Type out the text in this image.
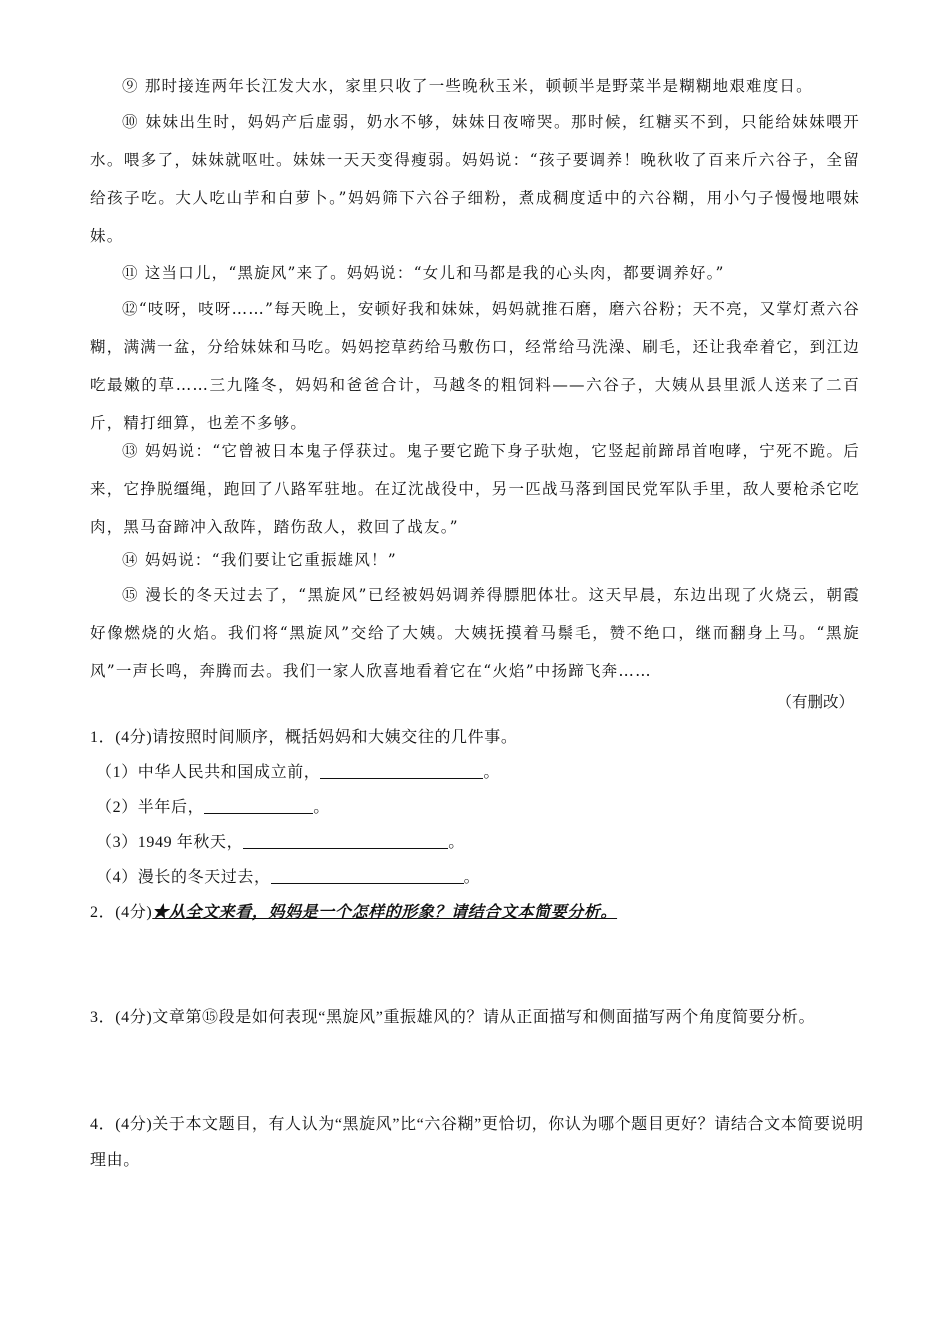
⑨ 那时接连两年长江发大水，家里只收了一些晚秋玉米，顿顿半是野菜半是糊糊地艰难度日。

⑩ 妹妹出生时，妈妈产后虚弱，奶水不够，妹妹日夜啼哭。那时候，红糖买不到，只能给妹妹喂开水。喂多了，妹妹就呕吐。妹妹一天天变得瘦弱。妈妈说：“孩子要调养！晚秋收了百来斤六谷子，全留给孩子吃。大人吃山芋和白萝卜。”妈妈筛下六谷子细粉，煮成稠度适中的六谷糊，用小勺子慢慢地喂妹妹。

⑪ 这当口儿，“黑旋风”来了。妈妈说：“女儿和马都是我的心头肉，都要调养好。”

⑫“吱呀，吱呀……”每天晚上，安顿好我和妹妹，妈妈就推石磨，磨六谷粉；天不亮，又掌灯煮六谷糊，满满一盆，分给妹妹和马吃。妈妈挖草药给马敷伤口，经常给马洗澡、刷毛，还让我牵着它，到江边吃最嫩的草……三九隆冬，妈妈和爸爸合计，马越冬的粗饲料——六谷子，大姨从县里派人送来了二百斤，精打细算，也差不多够。

⑬ 妈妈说：“它曾被日本鬼子俘获过。鬼子要它跪下身子驮炮，它竖起前蹄昂首咆哮，宁死不跪。后来，它挣脱缰绳，跑回了八路军驻地。在辽沈战役中，另一匹战马落到国民党军队手里，敌人要枪杀它吃肉，黑马奋蹄冲入敌阵，踏伤敌人，救回了战友。”

⑭ 妈妈说：“我们要让它重振雄风！”

⑮ 漫长的冬天过去了，“黑旋风”已经被妈妈调养得膘肥体壮。这天早晨，东边出现了火烧云，朝霞好像燃烧的火焰。我们将“黑旋风”交给了大姨。大姨抚摸着马鬃毛，赞不绝口，继而翻身上马。“黑旋风”一声长鸣，奔腾而去。我们一家人欣喜地看着它在“火焰”中扬蹄飞奔……

（有删改）

1．(4分)请按照时间顺序，概括妈妈和大姨交往的几件事。

（1）中华人民共和国成立前，	。

（2）半年后，	。

（3）1949 年秋天，	。

（4）漫长的冬天过去，	。

2．(4分)★从全文来看，妈妈是一个怎样的形象？请结合文本简要分析。

3．(4分)文章第⑮段是如何表现“黑旋风”重振雄风的？请从正面描写和侧面描写两个角度简要分析。

4．(4分)关于本文题目，有人认为“黑旋风”比“六谷糊”更恰切，你认为哪个题目更好？请结合文本简要说明理由。
